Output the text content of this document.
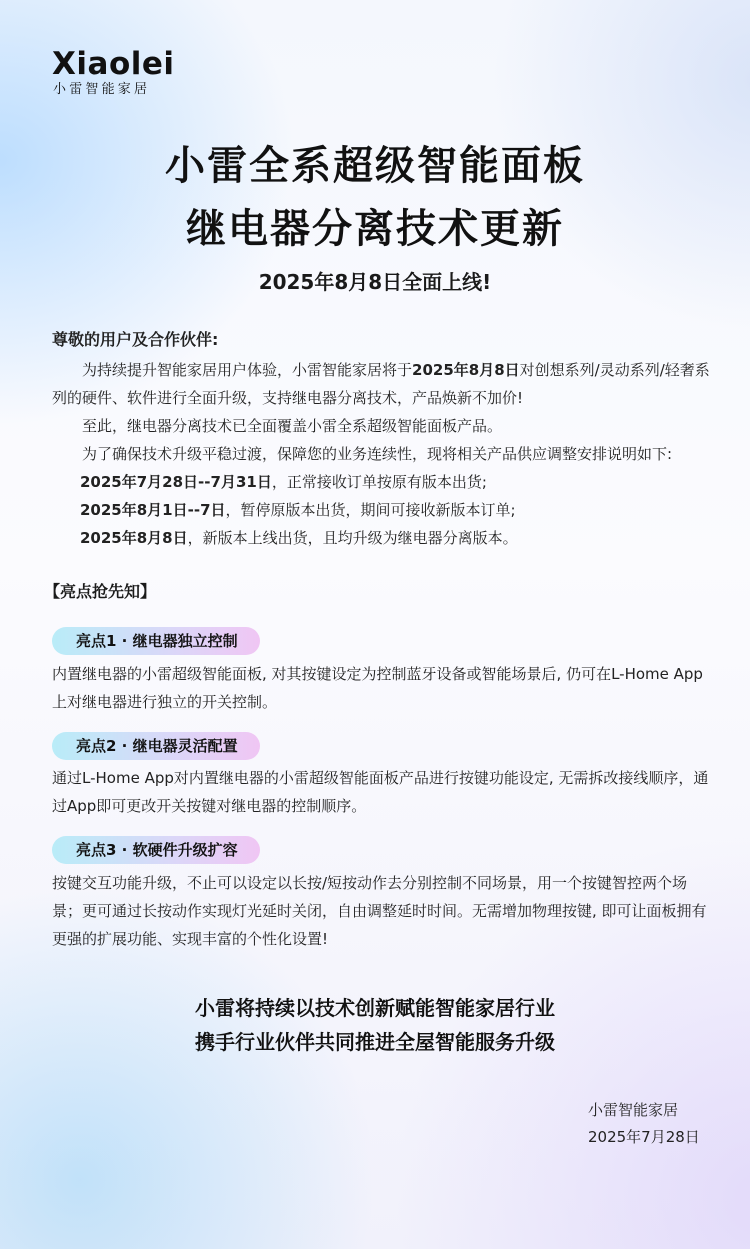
Xiaolei
小雷智能家居
小雷全系超级智能面板
继电器分离技术更新
2025年8月8日全面上线!
尊敬的用户及合作伙伴:
为持续提升智能家居用户体验，小雷智能家居将于2025年8月8日对创想系列/灵动系列/轻奢系列的硬件、软件进行全面升级，支持继电器分离技术，产品焕新不加价!
至此，继电器分离技术已全面覆盖小雷全系超级智能面板产品。
为了确保技术升级平稳过渡，保障您的业务连续性，现将相关产品供应调整安排说明如下:
2025年7月28日--7月31日，正常接收订单按原有版本出货;
2025年8月1日--7日，暂停原版本出货，期间可接收新版本订单;
2025年8月8日，新版本上线出货，且均升级为继电器分离版本。
【亮点抢先知】
亮点1 · 继电器独立控制
内置继电器的小雷超级智能面板, 对其按键设定为控制蓝牙设备或智能场景后, 仍可在L-Home App上对继电器进行独立的开关控制。
亮点2 · 继电器灵活配置
通过L-Home App对内置继电器的小雷超级智能面板产品进行按键功能设定, 无需拆改接线顺序，通过App即可更改开关按键对继电器的控制顺序。
亮点3 · 软硬件升级扩容
按键交互功能升级，不止可以设定以长按/短按动作去分别控制不同场景，用一个按键智控两个场景；更可通过长按动作实现灯光延时关闭，自由调整延时时间。无需增加物理按键, 即可让面板拥有更强的扩展功能、实现丰富的个性化设置!
小雷将持续以技术创新赋能智能家居行业
携手行业伙伴共同推进全屋智能服务升级
小雷智能家居
2025年7月28日
